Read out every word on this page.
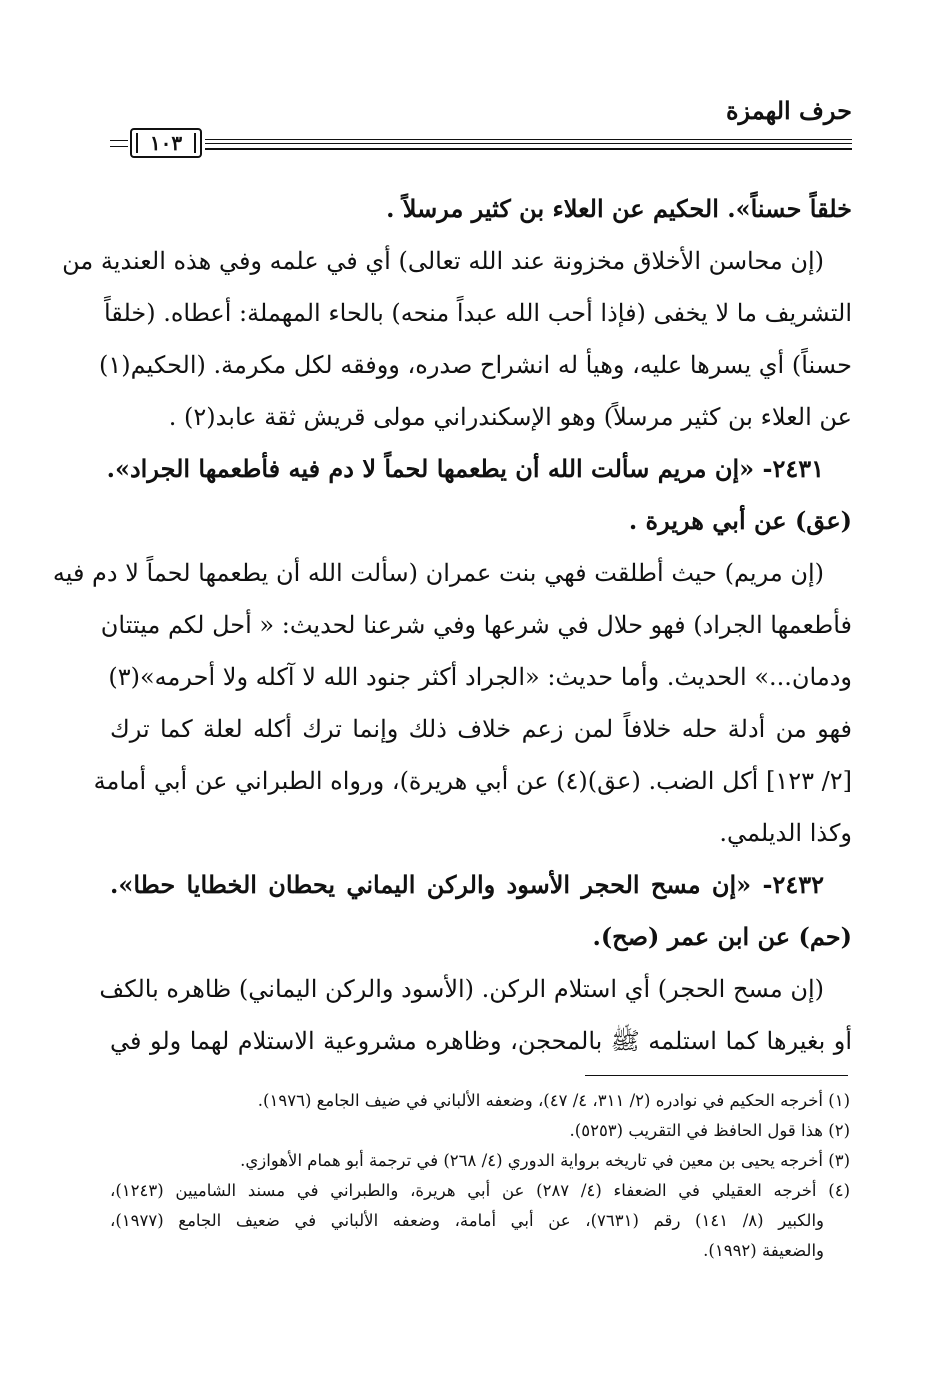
حرف الهمزة
١٠٣
خلقاً حسناً». الحكيم عن العلاء بن كثير مرسلاً .
(إن محاسن الأخلاق مخزونة عند الله تعالى) أي في علمه وفي هذه العندية من
التشريف ما لا يخفى (فإذا أحب الله عبداً منحه) بالحاء المهملة: أعطاه. (خلقاً
حسناً) أي يسرها عليه، وهيأ له انشراح صدره، ووفقه لكل مكرمة. (الحكيم(١)
عن العلاء بن كثير مرسلاً) وهو الإسكندراني مولى قريش ثقة عابد(٢) .
٢٤٣١- «إن مريم سألت الله أن يطعمها لحماً لا دم فيه فأطعمها الجراد».
(عق) عن أبي هريرة .
(إن مريم) حيث أطلقت فهي بنت عمران (سألت الله أن يطعمها لحماً لا دم فيه
فأطعمها الجراد) فهو حلال في شرعها وفي شرعنا لحديث: « أحل لكم ميتتان
ودمان...» الحديث. وأما حديث: «الجراد أكثر جنود الله لا آكله ولا أحرمه»(٣)
فهو من أدلة حله خلافاً لمن زعم خلاف ذلك وإنما ترك أكله لعلة كما ترك
[٢/ ١٢٣] أكل الضب. (عق)(٤) عن أبي هريرة)، ورواه الطبراني عن أبي أمامة
وكذا الديلمي.
٢٤٣٢- «إن مسح الحجر الأسود والركن اليماني يحطان الخطايا حطا».
(حم) عن ابن عمر (صح).
(إن مسح الحجر) أي استلام الركن. (الأسود والركن اليماني) ظاهره بالكف
أو بغيرها كما استلمه ﷺ بالمحجن، وظاهره مشروعية الاستلام لهما ولو في
(١) أخرجه الحكيم في نوادره (٢/ ٣١١، ٤/ ٤٧)، وضعفه الألباني في ضيف الجامع (١٩٧٦).
(٢) هذا قول الحافظ في التقريب (٥٢٥٣).
(٣) أخرجه يحيى بن معين في تاريخه برواية الدوري (٤/ ٢٦٨) في ترجمة أبو همام الأهوازي.
(٤) أخرجه العقيلي في الضعفاء (٤/ ٢٨٧) عن أبي هريرة، والطبراني في مسند الشاميين (١٢٤٣)،
والكبير (٨/ ١٤١) رقم (٧٦٣١)، عن أبي أمامة، وضعفه الألباني في ضعيف الجامع (١٩٧٧)،
والضعيفة (١٩٩٢).
